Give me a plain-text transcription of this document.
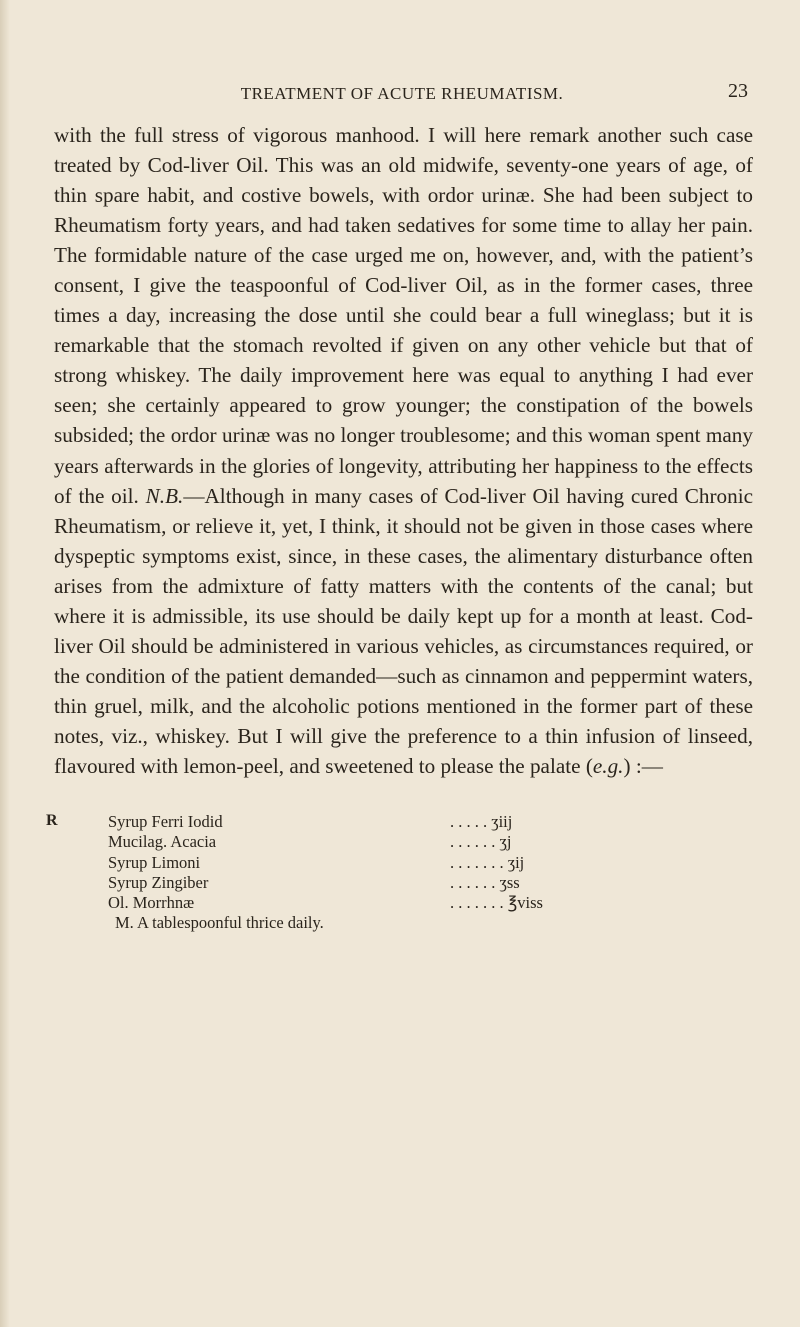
TREATMENT OF ACUTE RHEUMATISM.	23

with the full stress of vigorous manhood. I will here remark another such case treated by Cod-liver Oil. This was an old midwife, seventy-one years of age, of thin spare habit, and costive bowels, with ordor urinæ. She had been subject to Rheumatism forty years, and had taken sedatives for some time to allay her pain. The formidable nature of the case urged me on, however, and, with the patient’s consent, I give the teaspoonful of Cod-liver Oil, as in the former cases, three times a day, increasing the dose until she could bear a full wineglass; but it is remarkable that the stomach revolted if given on any other vehicle but that of strong whiskey. The daily improvement here was equal to anything I had ever seen; she certainly appeared to grow younger; the constipation of the bowels subsided; the ordor urinæ was no longer troublesome; and this woman spent many years afterwards in the glories of longevity, attributing her happiness to the effects of the oil. N.B.—Although in many cases of Cod-liver Oil having cured Chronic Rheumatism, or relieve it, yet, I think, it should not be given in those cases where dyspeptic symptoms exist, since, in these cases, the alimentary disturbance often arises from the admixture of fatty matters with the contents of the canal; but where it is admissible, its use should be daily kept up for a month at least. Cod-liver Oil should be administered in various vehicles, as circumstances required, or the condition of the patient demanded—such as cinnamon and peppermint waters, thin gruel, milk, and the alcoholic potions mentioned in the former part of these notes, viz., whiskey. But I will give the preference to a thin infusion of linseed, flavoured with lemon-peel, and sweetened to please the palate (e.g.) :—

R	Syrup Ferri Iodid	. . . . . ʒiij
Mucilag. Acacia	. . . . . . ʒj
Syrup Limoni	. . . . . . . ʒij
Syrup Zingiber	. . . . . . ʒss
Ol. Morrhnæ	. . . . . . . ℥viss
M. A tablespoonful thrice daily.
